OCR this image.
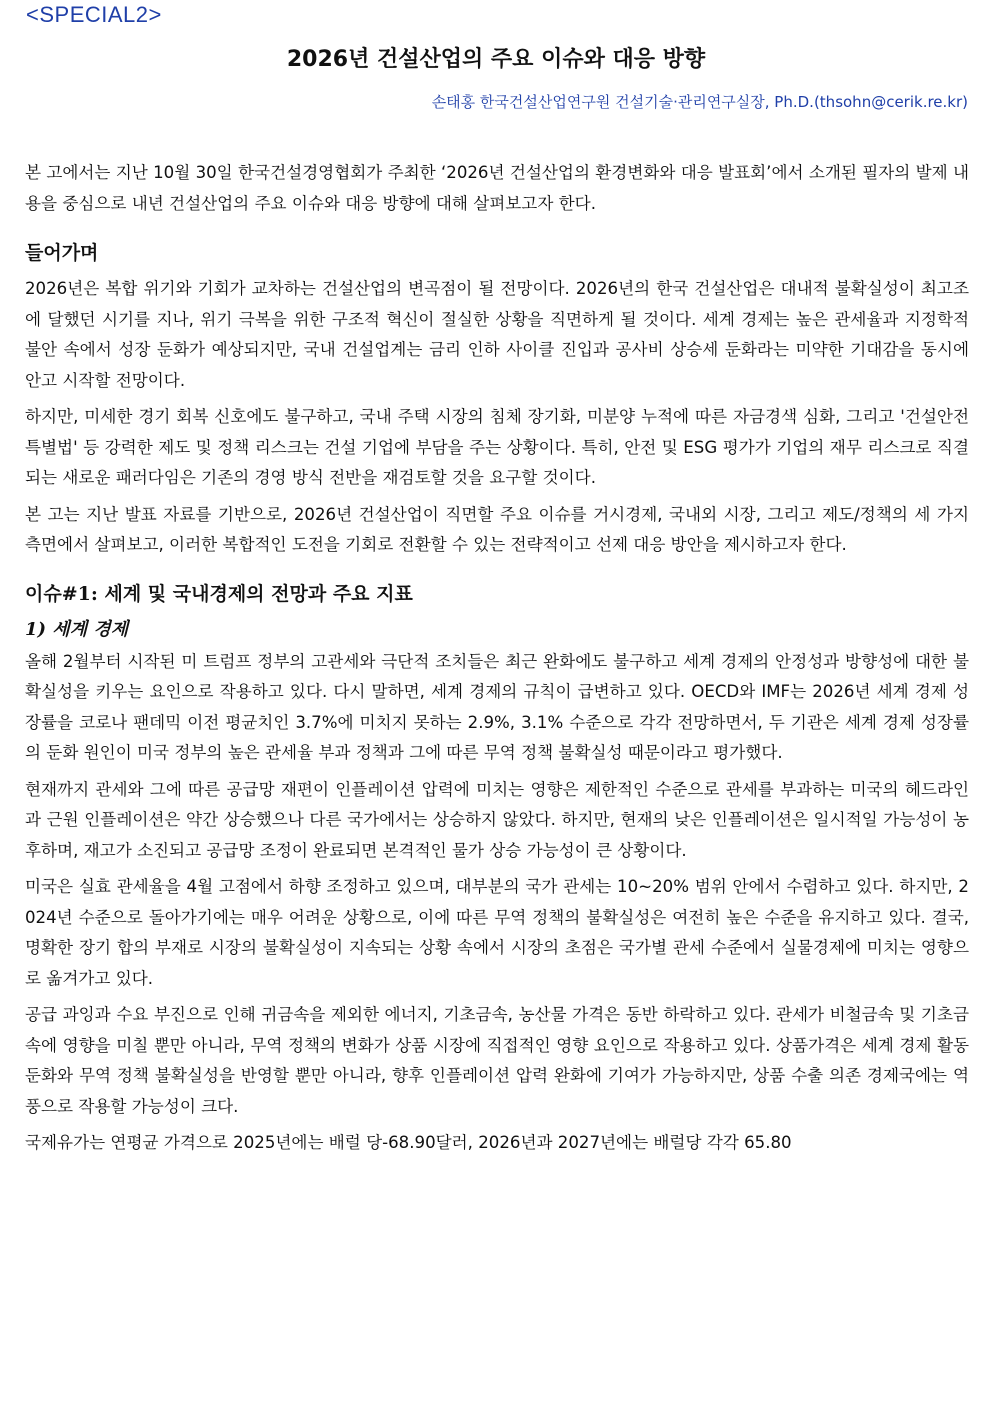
<SPECIAL2>
2026년 건설산업의 주요 이슈와 대응 방향
손태홍 한국건설산업연구원 건설기술·관리연구실장, Ph.D.(thsohn@cerik.re.kr)

본 고에서는 지난 10월 30일 한국건설경영협회가 주최한 ‘2026년 건설산업의 환경변화와 대응 발표회’에서 소개된 필자의 발제 내용을 중심으로 내년 건설산업의 주요 이슈와 대응 방향에 대해 살펴보고자 한다.

들어가며

2026년은 복합 위기와 기회가 교차하는 건설산업의 변곡점이 될 전망이다. 2026년의 한국 건설산업은 대내적 불확실성이 최고조에 달했던 시기를 지나, 위기 극복을 위한 구조적 혁신이 절실한 상황을 직면하게 될 것이다. 세계 경제는 높은 관세율과 지정학적 불안 속에서 성장 둔화가 예상되지만, 국내 건설업계는 금리 인하 사이클 진입과 공사비 상승세 둔화라는 미약한 기대감을 동시에 안고 시작할 전망이다.

하지만, 미세한 경기 회복 신호에도 불구하고, 국내 주택 시장의 침체 장기화, 미분양 누적에 따른 자금경색 심화, 그리고 '건설안전특별법' 등 강력한 제도 및 정책 리스크는 건설 기업에 부담을 주는 상황이다. 특히, 안전 및 ESG 평가가 기업의 재무 리스크로 직결되는 새로운 패러다임은 기존의 경영 방식 전반을 재검토할 것을 요구할 것이다.

본 고는 지난 발표 자료를 기반으로, 2026년 건설산업이 직면할 주요 이슈를 거시경제, 국내외 시장, 그리고 제도/정책의 세 가지 측면에서 살펴보고, 이러한 복합적인 도전을 기회로 전환할 수 있는 전략적이고 선제 대응 방안을 제시하고자 한다.

이슈#1: 세계 및 국내경제의 전망과 주요 지표
1) 세계 경제

올해 2월부터 시작된 미 트럼프 정부의 고관세와 극단적 조치들은 최근 완화에도 불구하고 세계 경제의 안정성과 방향성에 대한 불확실성을 키우는 요인으로 작용하고 있다. 다시 말하면, 세계 경제의 규칙이 급변하고 있다. OECD와 IMF는 2026년 세계 경제 성장률을 코로나 팬데믹 이전 평균치인 3.7%에 미치지 못하는 2.9%, 3.1% 수준으로 각각 전망하면서, 두 기관은 세계 경제 성장률의 둔화 원인이 미국 정부의 높은 관세율 부과 정책과 그에 따른 무역 정책 불확실성 때문이라고 평가했다.

현재까지 관세와 그에 따른 공급망 재편이 인플레이션 압력에 미치는 영향은 제한적인 수준으로 관세를 부과하는 미국의 헤드라인과 근원 인플레이션은 약간 상승했으나 다른 국가에서는 상승하지 않았다. 하지만, 현재의 낮은 인플레이션은 일시적일 가능성이 농후하며, 재고가 소진되고 공급망 조정이 완료되면 본격적인 물가 상승 가능성이 큰 상황이다.

미국은 실효 관세율을 4월 고점에서 하향 조정하고 있으며, 대부분의 국가 관세는 10~20% 범위 안에서 수렴하고 있다. 하지만, 2024년 수준으로 돌아가기에는 매우 어려운 상황으로, 이에 따른 무역 정책의 불확실성은 여전히 높은 수준을 유지하고 있다. 결국, 명확한 장기 합의 부재로 시장의 불확실성이 지속되는 상황 속에서 시장의 초점은 국가별 관세 수준에서 실물경제에 미치는 영향으로 옮겨가고 있다.

공급 과잉과 수요 부진으로 인해 귀금속을 제외한 에너지, 기초금속, 농산물 가격은 동반 하락하고 있다. 관세가 비철금속 및 기초금속에 영향을 미칠 뿐만 아니라, 무역 정책의 변화가 상품 시장에 직접적인 영향 요인으로 작용하고 있다. 상품가격은 세계 경제 활동 둔화와 무역 정책 불확실성을 반영할 뿐만 아니라, 향후 인플레이션 압력 완화에 기여가 가능하지만, 상품 수출 의존 경제국에는 역풍으로 작용할 가능성이 크다.

국제유가는 연평균 가격으로 2025년에는 배럴 당-68.90달러, 2026년과 2027년에는 배럴당 각각 65.80
